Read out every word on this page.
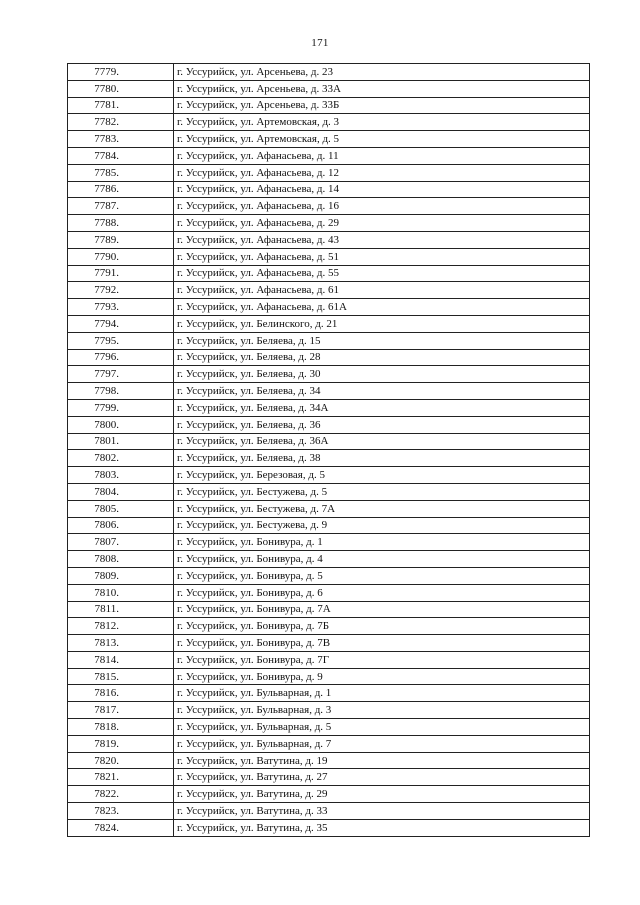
171
7779.	г. Уссурийск, ул. Арсеньева, д. 23
7780.	г. Уссурийск, ул. Арсеньева, д. 33А
7781.	г. Уссурийск, ул. Арсеньева, д. 33Б
7782.	г. Уссурийск, ул. Артемовская, д. 3
7783.	г. Уссурийск, ул. Артемовская, д. 5
7784.	г. Уссурийск, ул. Афанасьева, д. 11
7785.	г. Уссурийск, ул. Афанасьева, д. 12
7786.	г. Уссурийск, ул. Афанасьева, д. 14
7787.	г. Уссурийск, ул. Афанасьева, д. 16
7788.	г. Уссурийск, ул. Афанасьева, д. 29
7789.	г. Уссурийск, ул. Афанасьева, д. 43
7790.	г. Уссурийск, ул. Афанасьева, д. 51
7791.	г. Уссурийск, ул. Афанасьева, д. 55
7792.	г. Уссурийск, ул. Афанасьева, д. 61
7793.	г. Уссурийск, ул. Афанасьева, д. 61А
7794.	г. Уссурийск, ул. Белинского, д. 21
7795.	г. Уссурийск, ул. Беляева, д. 15
7796.	г. Уссурийск, ул. Беляева, д. 28
7797.	г. Уссурийск, ул. Беляева, д. 30
7798.	г. Уссурийск, ул. Беляева, д. 34
7799.	г. Уссурийск, ул. Беляева, д. 34А
7800.	г. Уссурийск, ул. Беляева, д. 36
7801.	г. Уссурийск, ул. Беляева, д. 36А
7802.	г. Уссурийск, ул. Беляева, д. 38
7803.	г. Уссурийск, ул. Березовая, д. 5
7804.	г. Уссурийск, ул. Бестужева, д. 5
7805.	г. Уссурийск, ул. Бестужева, д. 7А
7806.	г. Уссурийск, ул. Бестужева, д. 9
7807.	г. Уссурийск, ул. Бонивура, д. 1
7808.	г. Уссурийск, ул. Бонивура, д. 4
7809.	г. Уссурийск, ул. Бонивура, д. 5
7810.	г. Уссурийск, ул. Бонивура, д. 6
7811.	г. Уссурийск, ул. Бонивура, д. 7А
7812.	г. Уссурийск, ул. Бонивура, д. 7Б
7813.	г. Уссурийск, ул. Бонивура, д. 7В
7814.	г. Уссурийск, ул. Бонивура, д. 7Г
7815.	г. Уссурийск, ул. Бонивура, д. 9
7816.	г. Уссурийск, ул. Бульварная, д. 1
7817.	г. Уссурийск, ул. Бульварная, д. 3
7818.	г. Уссурийск, ул. Бульварная, д. 5
7819.	г. Уссурийск, ул. Бульварная, д. 7
7820.	г. Уссурийск, ул. Ватутина, д. 19
7821.	г. Уссурийск, ул. Ватутина, д. 27
7822.	г. Уссурийск, ул. Ватутина, д. 29
7823.	г. Уссурийск, ул. Ватутина, д. 33
7824.	г. Уссурийск, ул. Ватутина, д. 35
